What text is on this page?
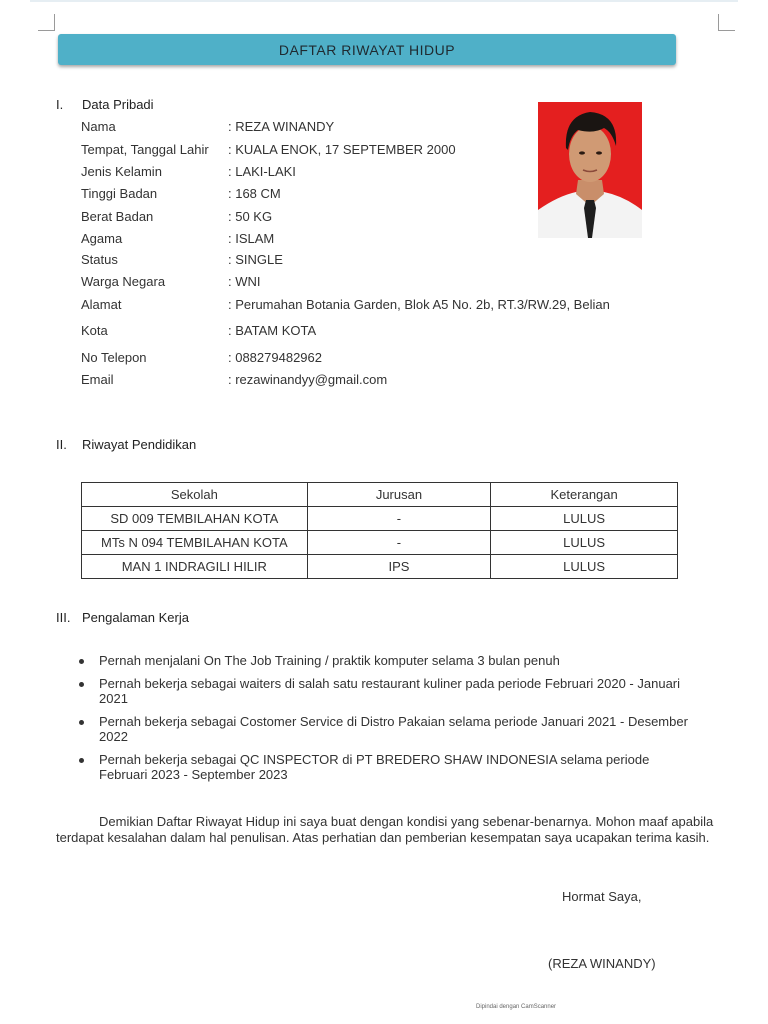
DAFTAR RIWAYAT HIDUP
I. Data Pribadi
Nama	: REZA WINANDY
Tempat, Tanggal Lahir : KUALA ENOK, 17 SEPTEMBER 2000
Jenis Kelamin	: LAKI-LAKI
Tinggi Badan	: 168 CM
Berat Badan	: 50 KG
Agama	: ISLAM
Status	: SINGLE
Warga Negara	: WNI
Alamat	: Perumahan Botania Garden, Blok A5 No. 2b, RT.3/RW.29, Belian
Kota	: BATAM KOTA
No Telepon	: 088279482962
Email	: rezawinandyy@gmail.com
II. Riwayat Pendidikan
Sekolah	Jurusan	Keterangan
SD 009 TEMBILAHAN KOTA	-	LULUS
MTs N 094 TEMBILAHAN KOTA	-	LULUS
MAN 1 INDRAGILI HILIR	IPS	LULUS
III. Pengalaman Kerja
Pernah menjalani On The Job Training / praktik komputer selama 3 bulan penuh
Pernah bekerja sebagai waiters di salah satu restaurant kuliner pada periode Februari 2020 - Januari 2021
Pernah bekerja sebagai Costomer Service di Distro Pakaian selama periode Januari 2021 - Desember 2022
Pernah bekerja sebagai QC INSPECTOR di PT BREDERO SHAW INDONESIA selama periode Februari 2023 - September 2023
Demikian Daftar Riwayat Hidup ini saya buat dengan kondisi yang sebenar-benarnya. Mohon maaf apabila terdapat kesalahan dalam hal penulisan. Atas perhatian dan pemberian kesempatan saya ucapakan terima kasih.
Hormat Saya,
(REZA WINANDY)
Dipindai dengan CamScanner
